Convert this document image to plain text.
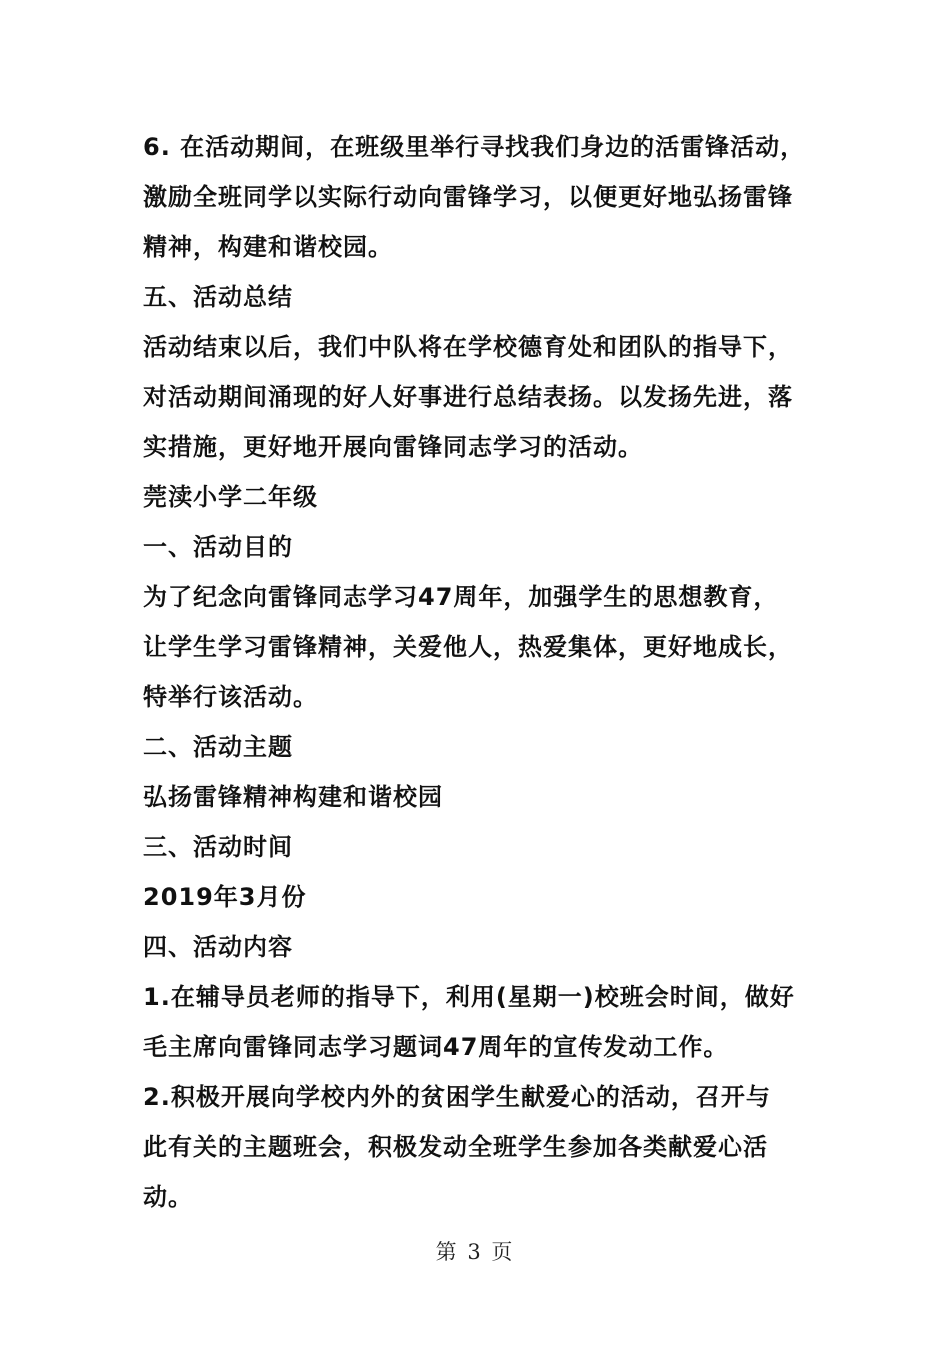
6. 在活动期间，在班级里举行寻找我们身边的活雷锋活动，
激励全班同学以实际行动向雷锋学习，以便更好地弘扬雷锋
精神，构建和谐校园。
五、活动总结
活动结束以后，我们中队将在学校德育处和团队的指导下，
对活动期间涌现的好人好事进行总结表扬。以发扬先进，落
实措施，更好地开展向雷锋同志学习的活动。
莞渎小学二年级
一、活动目的
为了纪念向雷锋同志学习47周年，加强学生的思想教育，
让学生学习雷锋精神，关爱他人，热爱集体，更好地成长，
特举行该活动。
二、活动主题
弘扬雷锋精神构建和谐校园
三、活动时间
2019年3月份
四、活动内容
1.在辅导员老师的指导下，利用(星期一)校班会时间，做好
毛主席向雷锋同志学习题词47周年的宣传发动工作。
2.积极开展向学校内外的贫困学生献爱心的活动，召开与
此有关的主题班会，积极发动全班学生参加各类献爱心活
动。
第 3 页
